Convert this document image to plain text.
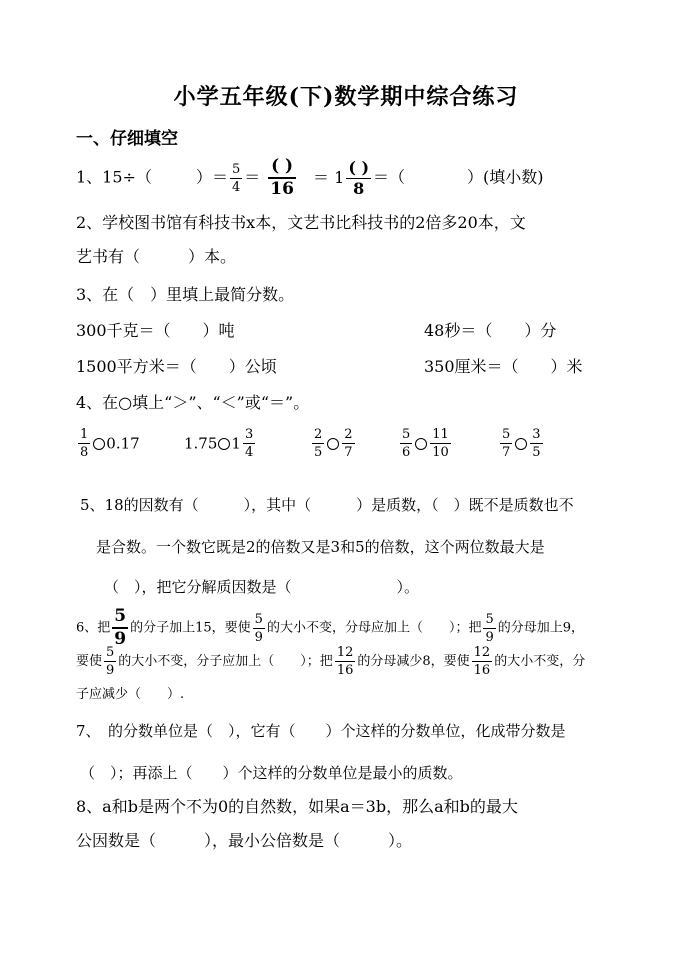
小学五年级(下)数学期中综合练习
一、仔细填空
1、15÷（	）＝ $\frac{5}{4} = \frac{( )}{16} = 1 \frac{( )}{8}$ ＝（	）(填小数)
2、学校图书馆有科技书x本，文艺书比科技书的2倍多20本，文
艺书有（　　　）本。
3、在（　）里填上最简分数。
300千克＝（　　）吨	48秒＝（　　）分
1500平方米＝（　　）公顷	350厘米＝（　　）米
4、在○填上“＞”、“＜”或“＝”。
$\frac{1}{8} 0.17$	1.75 $1 \frac{3}{4}$	$\frac{2}{5} \frac{2}{7}$	$\frac{5}{6} \frac{11}{10}$	$\frac{5}{7} \frac{3}{5}$
5、18的因数有（　　　），其中（　　　）是质数，（　）既不是质数也不
是合数。一个数它既是2的倍数又是3和5的倍数，这个两位数最大是
（　），把它分解质因数是（　　　　　　　）。
6、把 $\frac{5}{9}$ 的分子加上15，要使 $\frac{5}{9}$ 的大小不变，分母应加上（　　）；把 $\frac{5}{9}$ 的分母加上9，
要使 $\frac{5}{9}$ 的大小不变，分子应加上（　　）；把 $\frac{12}{16}$ 的分母减少8，要使 $\frac{12}{16}$ 的大小不变，分
子应减少（　　）.
7、　的分数单位是（　），它有（　　）个这样的分数单位，化成带分数是
（　）；再添上（　　）个这样的分数单位是最小的质数。
8、a和b是两个不为0的自然数，如果a＝3b，那么a和b的最大
公因数是（　　　），最小公倍数是（　　　）。
